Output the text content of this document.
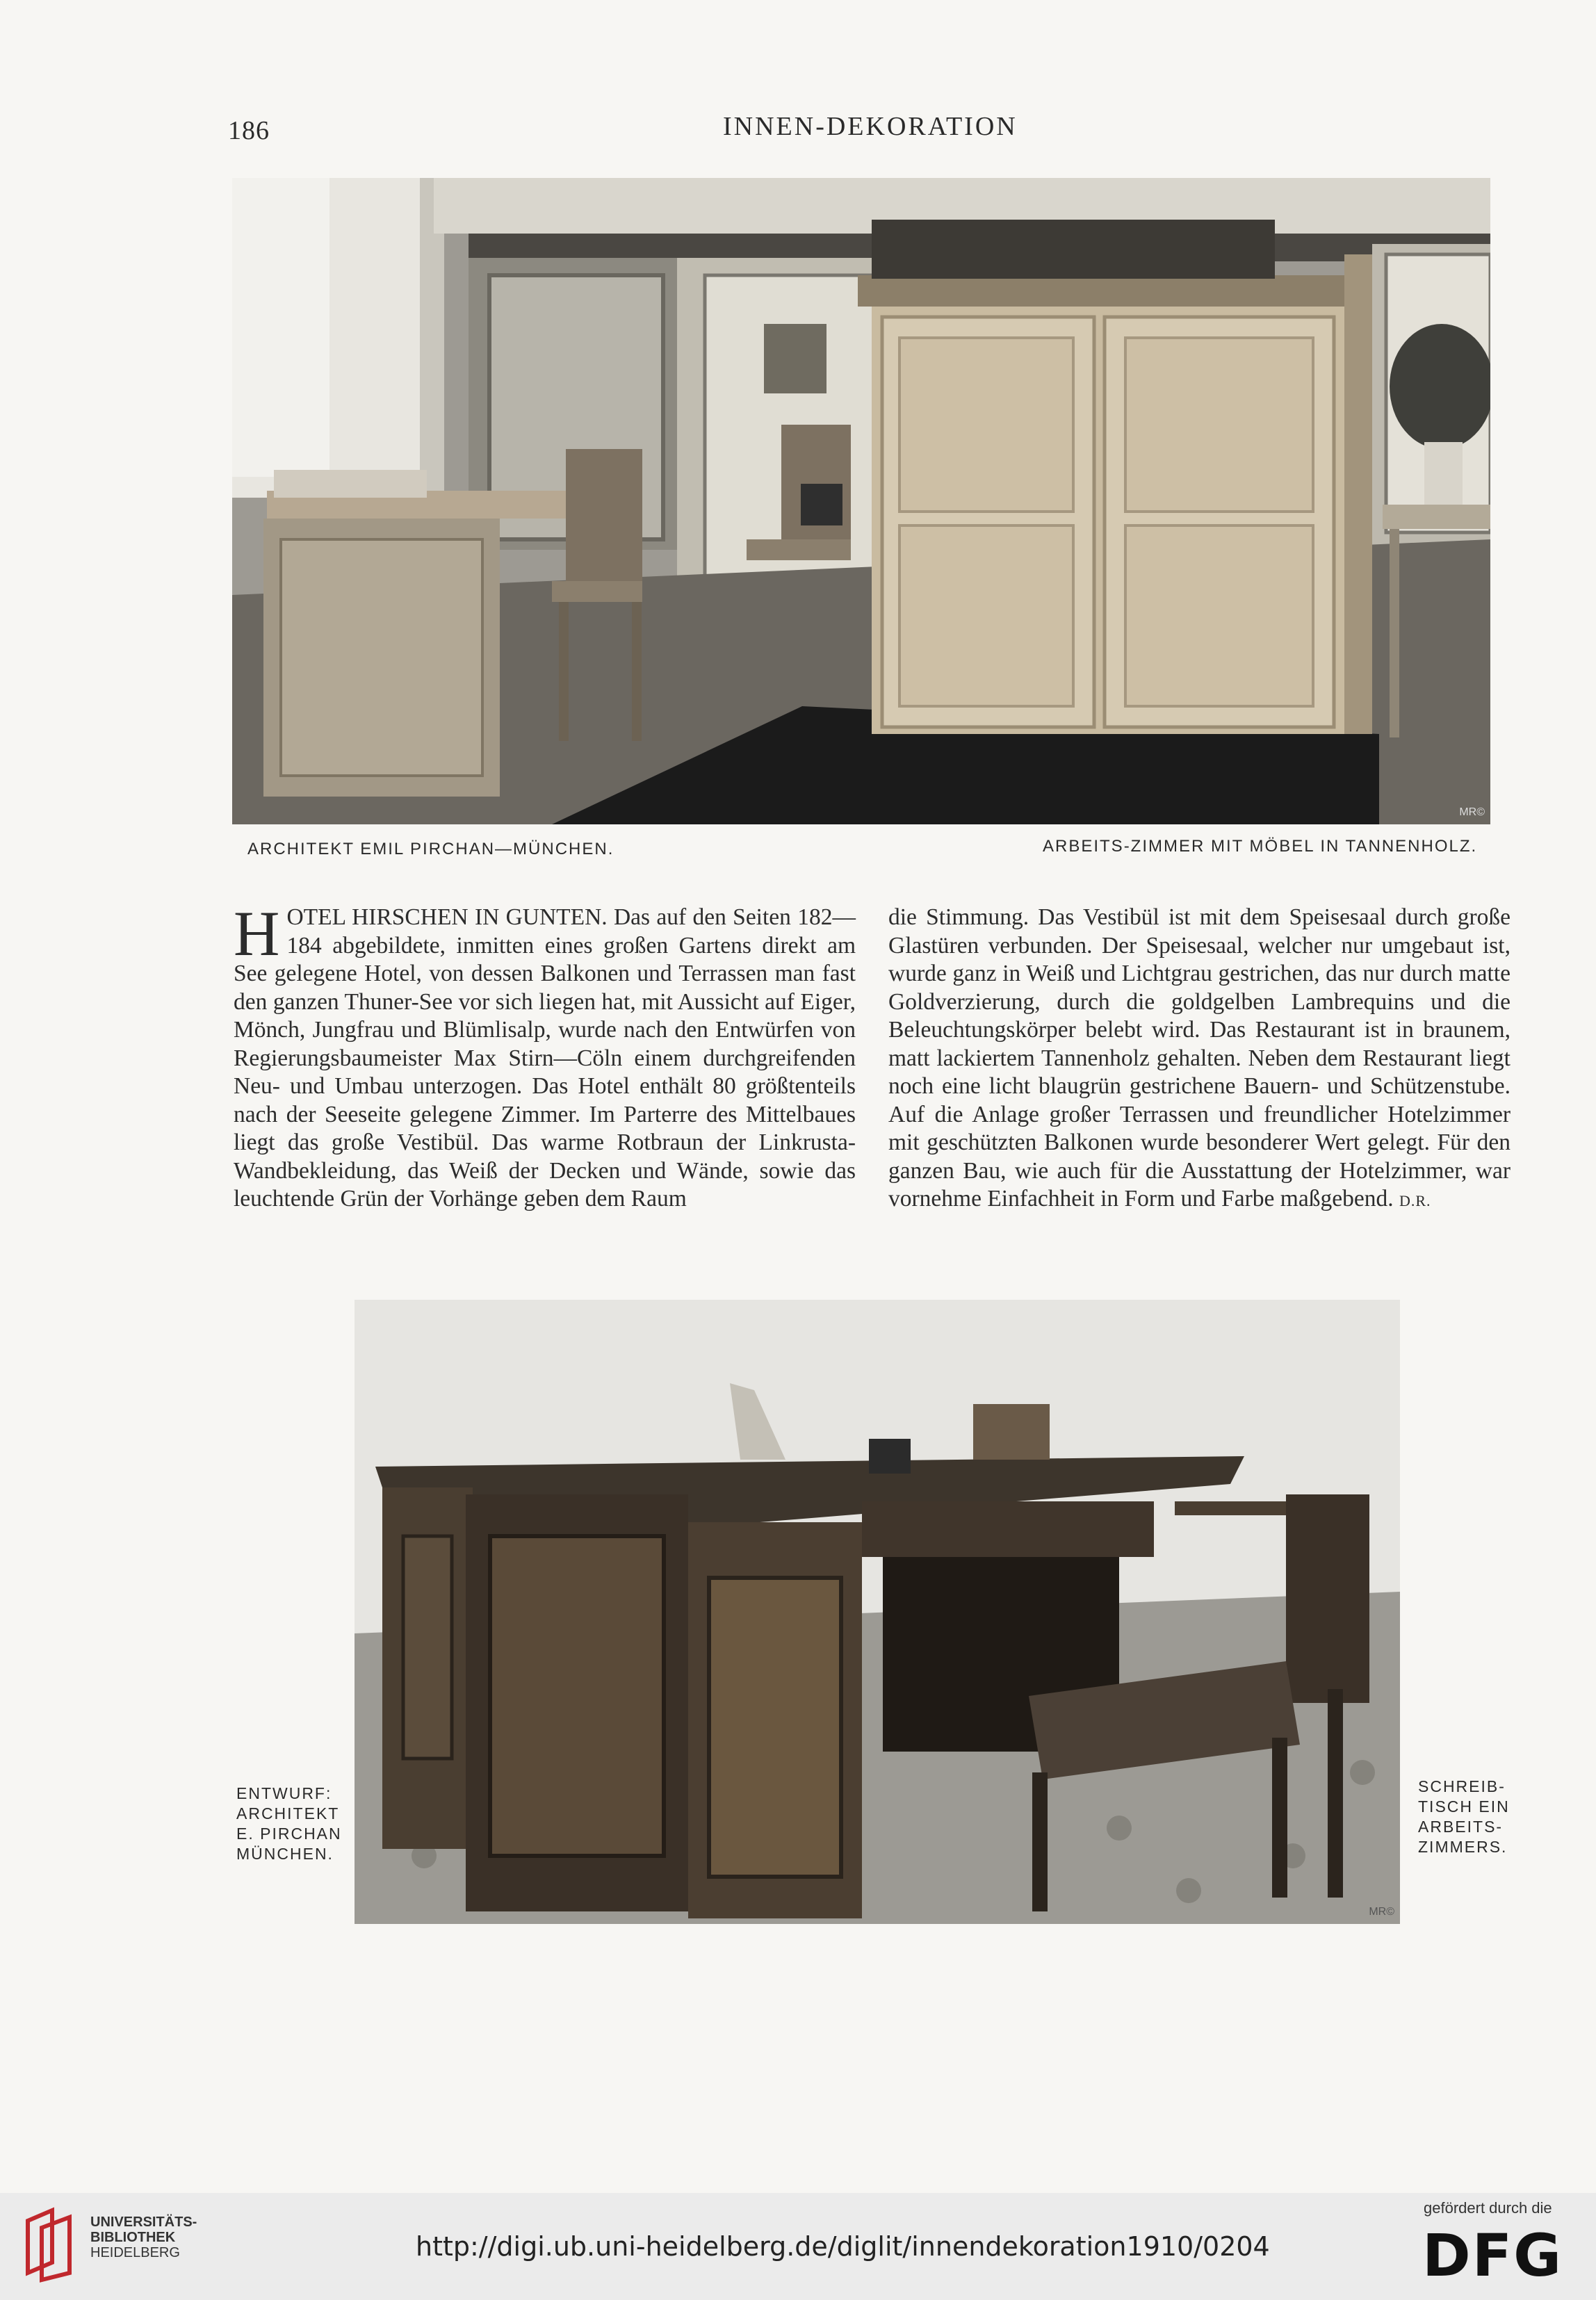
186	INNEN-DEKORATION
MR©
ARCHITEKT EMIL PIRCHAN—MÜNCHEN.	ARBEITS-ZIMMER MIT MÖBEL IN TANNENHOLZ.

HOTEL HIRSCHEN IN GUNTEN. Das auf den Seiten 182—184 abgebildete, inmitten eines großen Gartens direkt am See gelegene Hotel, von dessen Balkonen und Terrassen man fast den ganzen Thuner-See vor sich liegen hat, mit Aussicht auf Eiger, Mönch, Jungfrau und Blümlisalp, wurde nach den Entwürfen von Regierungsbaumeister Max Stirn—Cöln einem durchgreifenden Neu- und Umbau unterzogen. Das Hotel enthält 80 größtenteils nach der Seeseite gelegene Zimmer. Im Parterre des Mittelbaues liegt das große Vestibül. Das warme Rotbraun der Linkrusta-Wandbekleidung, das Weiß der Decken und Wände, sowie das leuchtende Grün der Vorhänge geben dem Raum

die Stimmung. Das Vestibül ist mit dem Speisesaal durch große Glastüren verbunden. Der Speisesaal, welcher nur umgebaut ist, wurde ganz in Weiß und Lichtgrau gestrichen, das nur durch matte Goldverzierung, durch die goldgelben Lambrequins und die Beleuchtungskörper belebt wird. Das Restaurant ist in braunem, matt lackiertem Tannenholz gehalten. Neben dem Restaurant liegt noch eine licht blaugrün gestrichene Bauern- und Schützenstube. Auf die Anlage großer Terrassen und freundlicher Hotelzimmer mit geschützten Balkonen wurde besonderer Wert gelegt. Für den ganzen Bau, wie auch für die Ausstattung der Hotelzimmer, war vornehme Einfachheit in Form und Farbe maßgebend. D.R.

MR©
ENTWURF:
ARCHITEKT
E. PIRCHAN
MÜNCHEN.
SCHREIB-
TISCH EIN
ARBEITS-
ZIMMERS.
UNIVERSITÄTS-
BIBLIOTHEK
HEIDELBERG	http://digi.ub.uni-heidelberg.de/diglit/innendekoration1910/0204
gefördert durch die
DFG
